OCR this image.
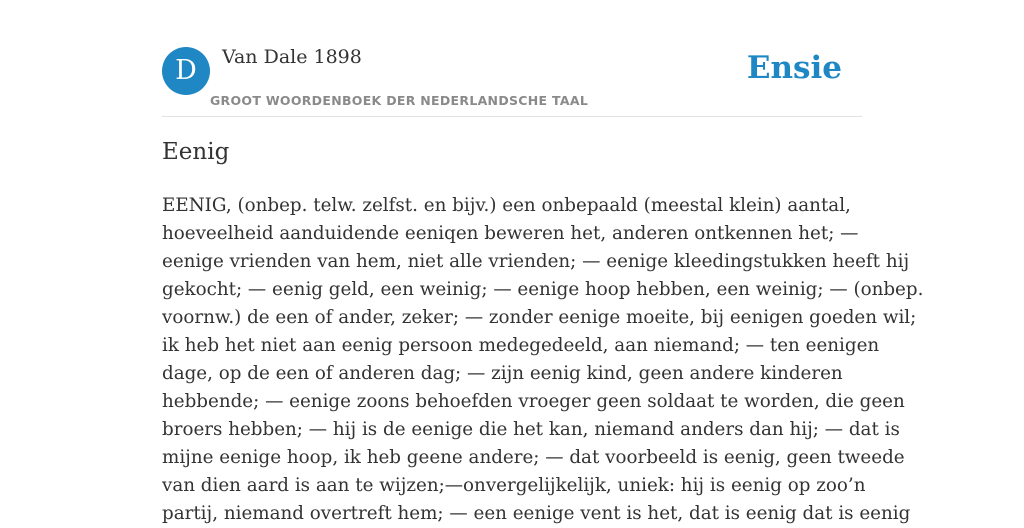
D	Van Dale 1898
GROOT WOORDENBOEK DER NEDERLANDSCHE TAAL
Ensie
Eenig

EENIG, (onbep. telw. zelfst. en bijv.) een onbepaald (meestal klein) aantal,
hoeveelheid aanduidende eeniqen beweren het, anderen ontkennen het; —
eenige vrienden van hem, niet alle vrienden; — eenige kleedingstukken heeft hij
gekocht; — eenig geld, een weinig; — eenige hoop hebben, een weinig; — (onbep.
voornw.) de een of ander, zeker; — zonder eenige moeite, bij eenigen goeden wil;
ik heb het niet aan eenig persoon medegedeeld, aan niemand; — ten eenigen
dage, op de een of anderen dag; — zijn eenig kind, geen andere kinderen
hebbende; — eenige zoons behoefden vroeger geen soldaat te worden, die geen
broers hebben; — hij is de eenige die het kan, niemand anders dan hij; — dat is
mijne eenige hoop, ik heb geene andere; — dat voorbeeld is eenig, geen tweede
van dien aard is aan te wijzen;—onvergelijkelijk, uniek: hij is eenig op zoo’n
partij, niemand overtreft hem; — een eenige vent is het, dat is eenig dat is eenig
